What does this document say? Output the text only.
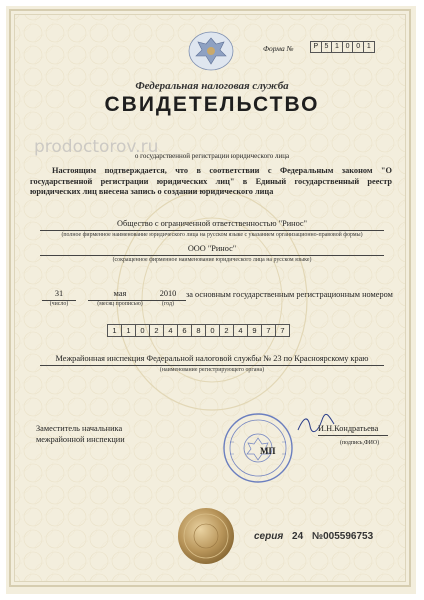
Форма №	Р 5 1 0 0 1
Федеральная налоговая служба
СВИДЕТЕЛЬСТВО
prodoctorov.ru
о государственной регистрации юридического лица
Настоящим подтверждается, что в соответствии с Федеральным законом "О государственной регистрации юридических лиц" в Единый государственный реестр юридических лиц внесена запись о создании юридического лица
Общество с ограниченной ответственностью "Ринос"
(полное фирменное наименование юридического лица на русском языке с указанием организационно-правовой формы)
ООО "Ринос"
(сокращенное фирменное наименование юридического лица на русском языке)
31
(число)
мая
(месяц прописью)
2010
(год)
за основным государственным регистрационным номером
1	1	0	2	4	6	8	0	2	4	9	7	7
Межрайонная инспекция Федеральной налоговой службы № 23 по Красноярскому краю
(наименование регистрирующего органа)
Заместитель начальника
межрайонной инспекции
И.Н.Кондратьева
(подпись,ФИО)
МП
серия 24 №005596753
